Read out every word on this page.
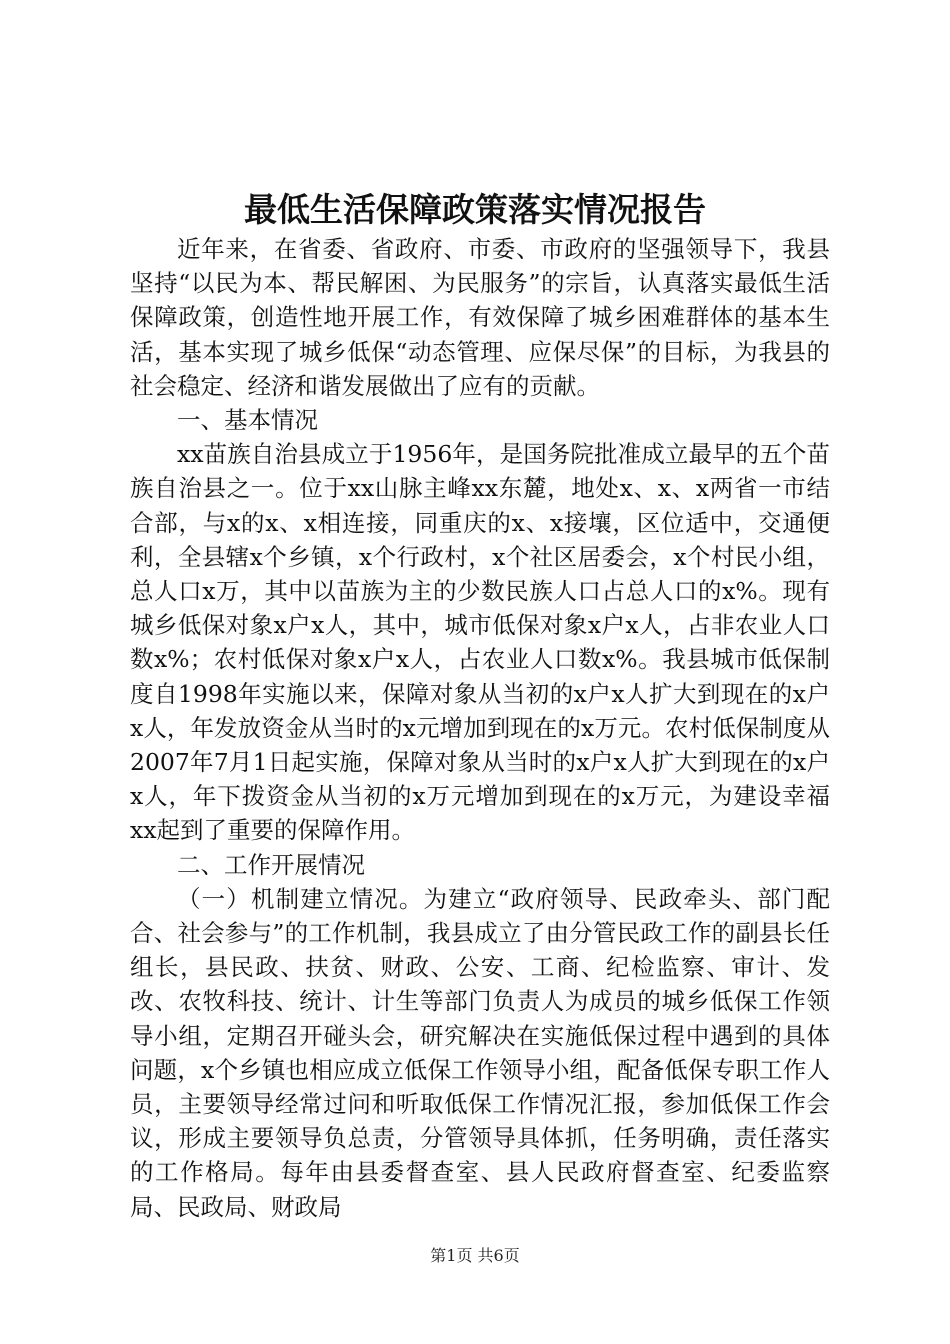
最低生活保障政策落实情况报告

近年来，在省委、省政府、市委、市政府的坚强领导下，我县坚持“以民为本、帮民解困、为民服务”的宗旨，认真落实最低生活保障政策，创造性地开展工作，有效保障了城乡困难群体的基本生活，基本实现了城乡低保“动态管理、应保尽保”的目标，为我县的社会稳定、经济和谐发展做出了应有的贡献。

一、基本情况

xx苗族自治县成立于1956年，是国务院批准成立最早的五个苗族自治县之一。位于xx山脉主峰xx东麓，地处x、x、x两省一市结合部，与x的x、x相连接，同重庆的x、x接壤，区位适中，交通便利，全县辖x个乡镇，x个行政村，x个社区居委会，x个村民小组，总人口x万，其中以苗族为主的少数民族人口占总人口的x%。现有城乡低保对象x户x人，其中，城市低保对象x户x人，占非农业人口数x%；农村低保对象x户x人，占农业人口数x%。我县城市低保制度自1998年实施以来，保障对象从当初的x户x人扩大到现在的x户x人，年发放资金从当时的x元增加到现在的x万元。农村低保制度从2007年7月1日起实施，保障对象从当时的x户x人扩大到现在的x户x人，年下拨资金从当初的x万元增加到现在的x万元，为建设幸福xx起到了重要的保障作用。

二、工作开展情况

（一）机制建立情况。为建立“政府领导、民政牵头、部门配合、社会参与”的工作机制，我县成立了由分管民政工作的副县长任组长，县民政、扶贫、财政、公安、工商、纪检监察、审计、发改、农牧科技、统计、计生等部门负责人为成员的城乡低保工作领导小组，定期召开碰头会，研究解决在实施低保过程中遇到的具体问题，x个乡镇也相应成立低保工作领导小组，配备低保专职工作人员，主要领导经常过问和听取低保工作情况汇报，参加低保工作会议，形成主要领导负总责，分管领导具体抓，任务明确，责任落实的工作格局。每年由县委督查室、县人民政府督查室、纪委监察局、民政局、财政局

第1页 共6页
